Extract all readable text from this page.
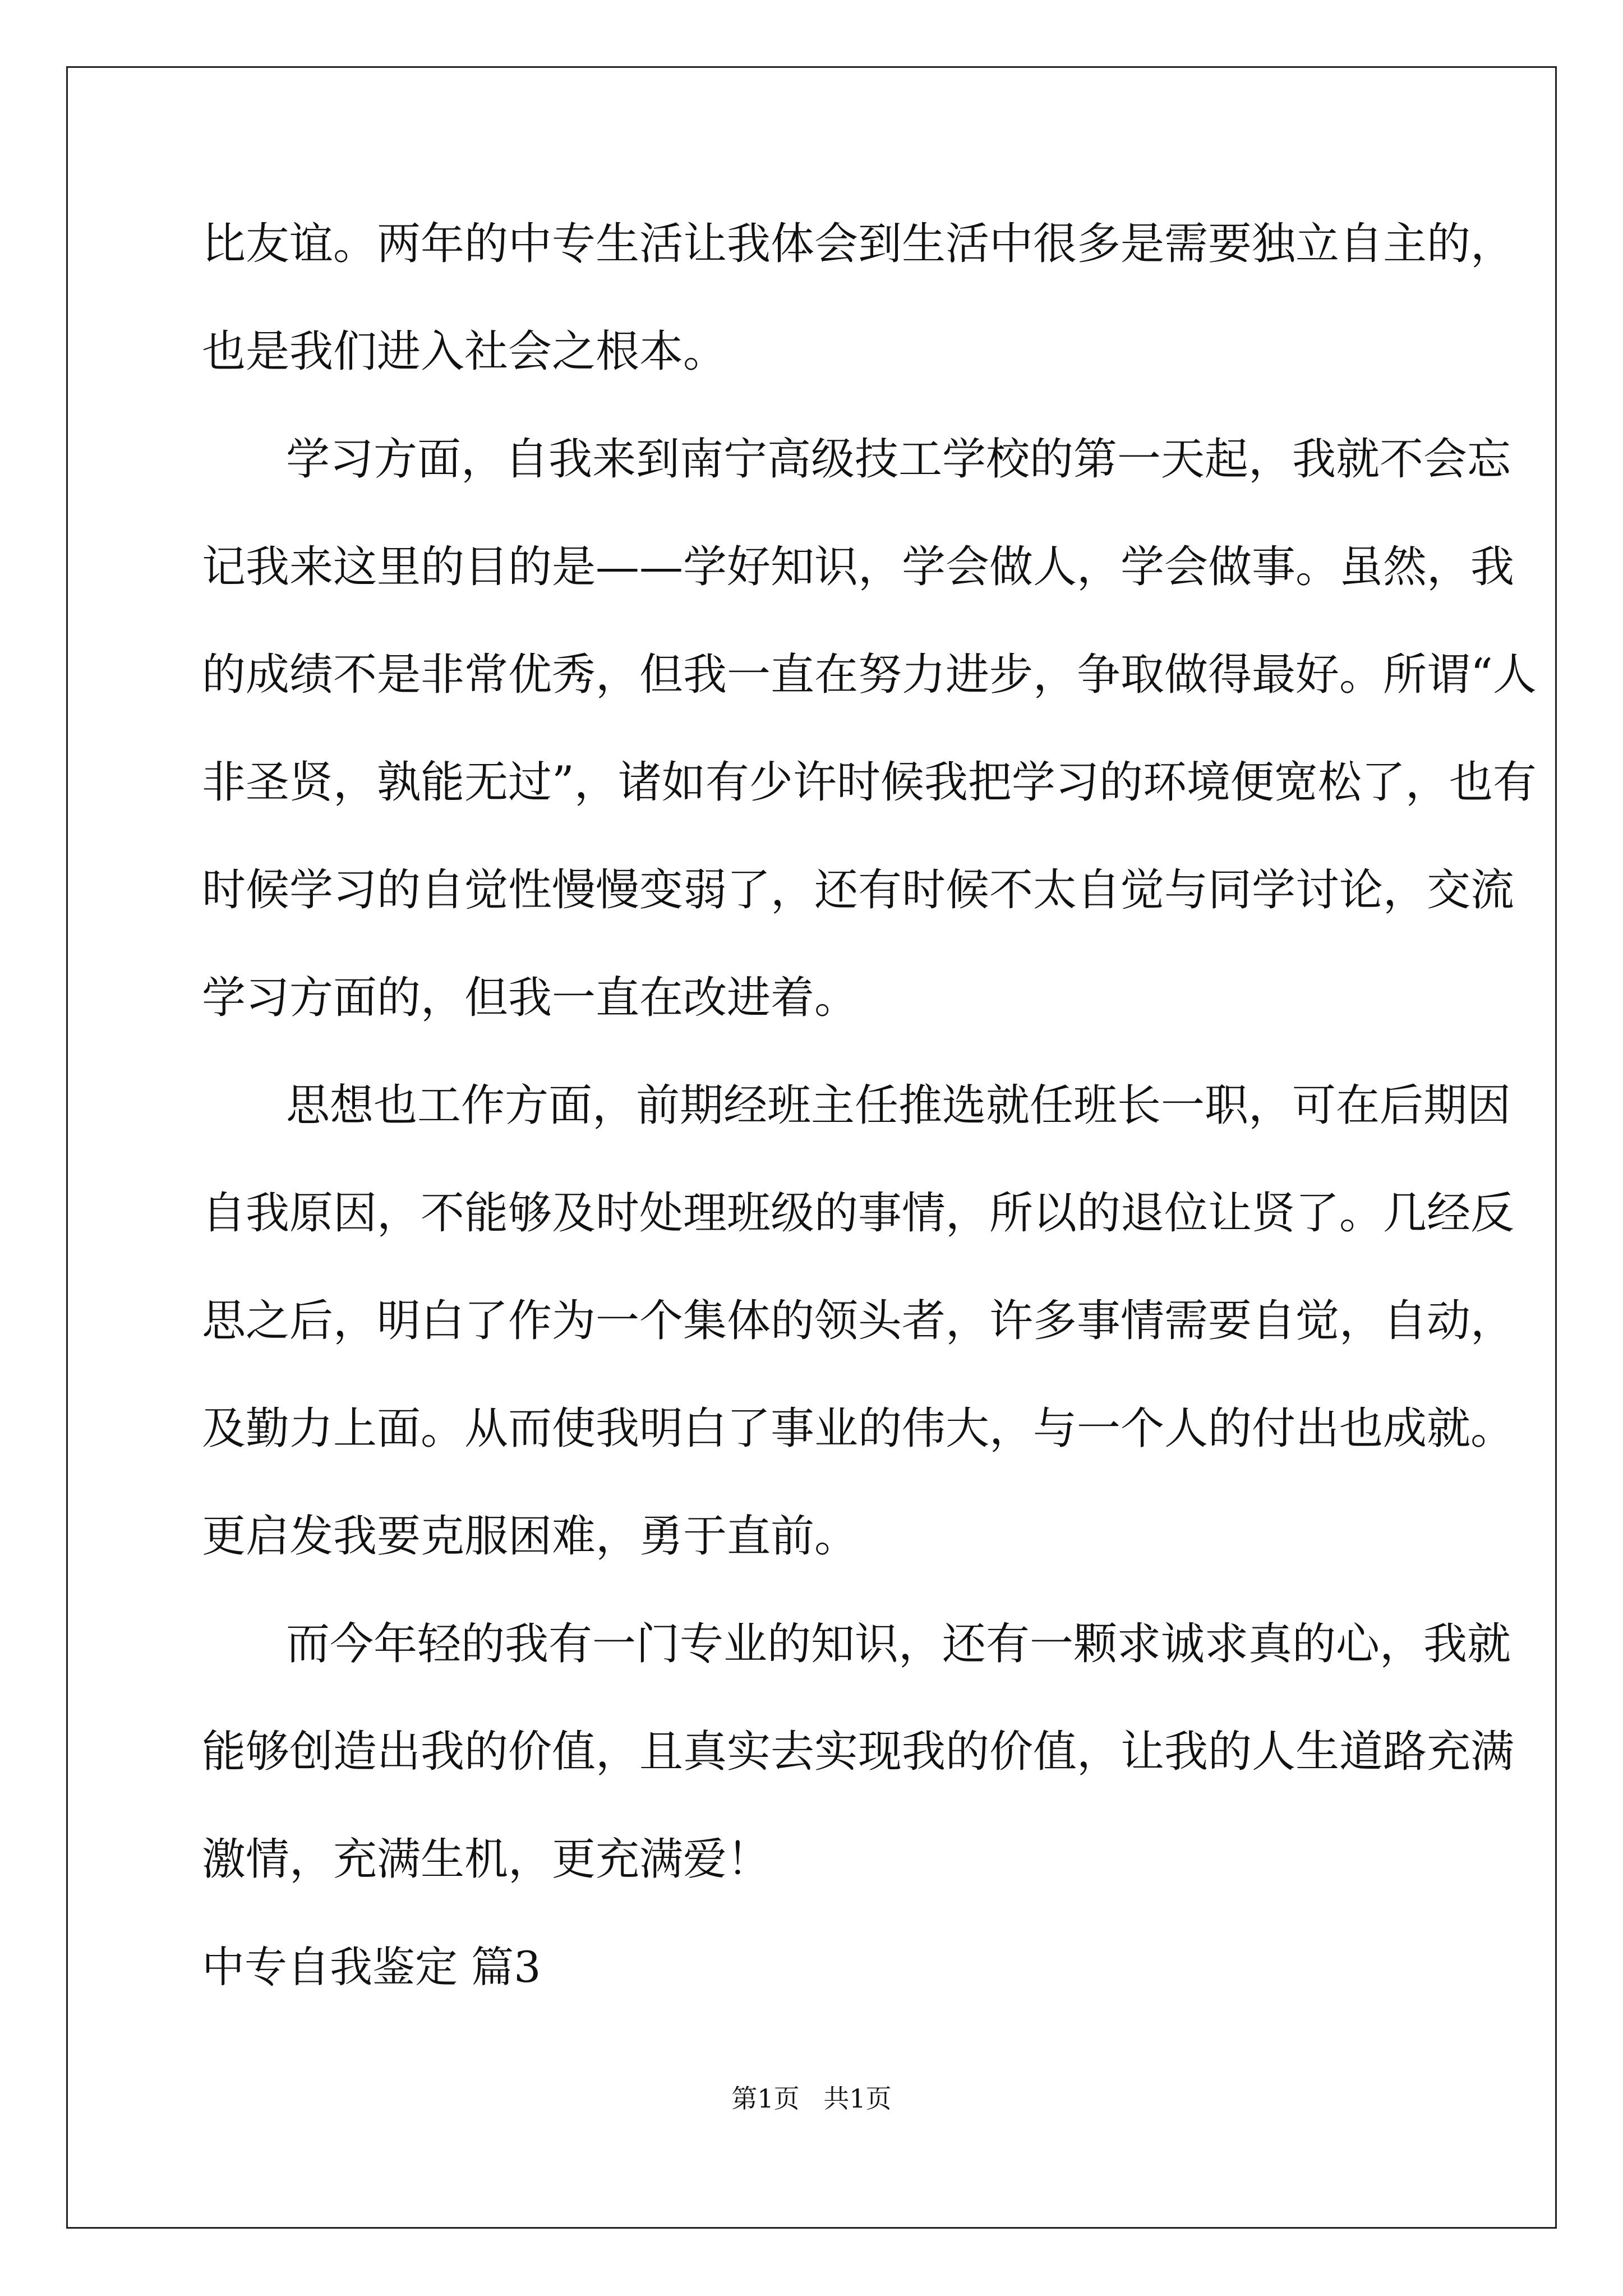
比友谊。两年的中专生活让我体会到生活中很多是需要独立自主的，
也是我们进入社会之根本。
学习方面，自我来到南宁高级技工学校的第一天起，我就不会忘
记我来这里的目的是——学好知识，学会做人，学会做事。虽然，我
的成绩不是非常优秀，但我一直在努力进步，争取做得最好。所谓“人
非圣贤，孰能无过”，诸如有少许时候我把学习的环境便宽松了，也有
时候学习的自觉性慢慢变弱了，还有时候不太自觉与同学讨论，交流
学习方面的，但我一直在改进着。
思想也工作方面，前期经班主任推选就任班长一职，可在后期因
自我原因，不能够及时处理班级的事情，所以的退位让贤了。几经反
思之后，明白了作为一个集体的领头者，许多事情需要自觉，自动，
及勤力上面。从而使我明白了事业的伟大，与一个人的付出也成就。
更启发我要克服困难，勇于直前。
而今年轻的我有一门专业的知识，还有一颗求诚求真的心，我就
能够创造出我的价值，且真实去实现我的价值，让我的人生道路充满
激情，充满生机，更充满爱！
中专自我鉴定 篇3
第1页 共1页
